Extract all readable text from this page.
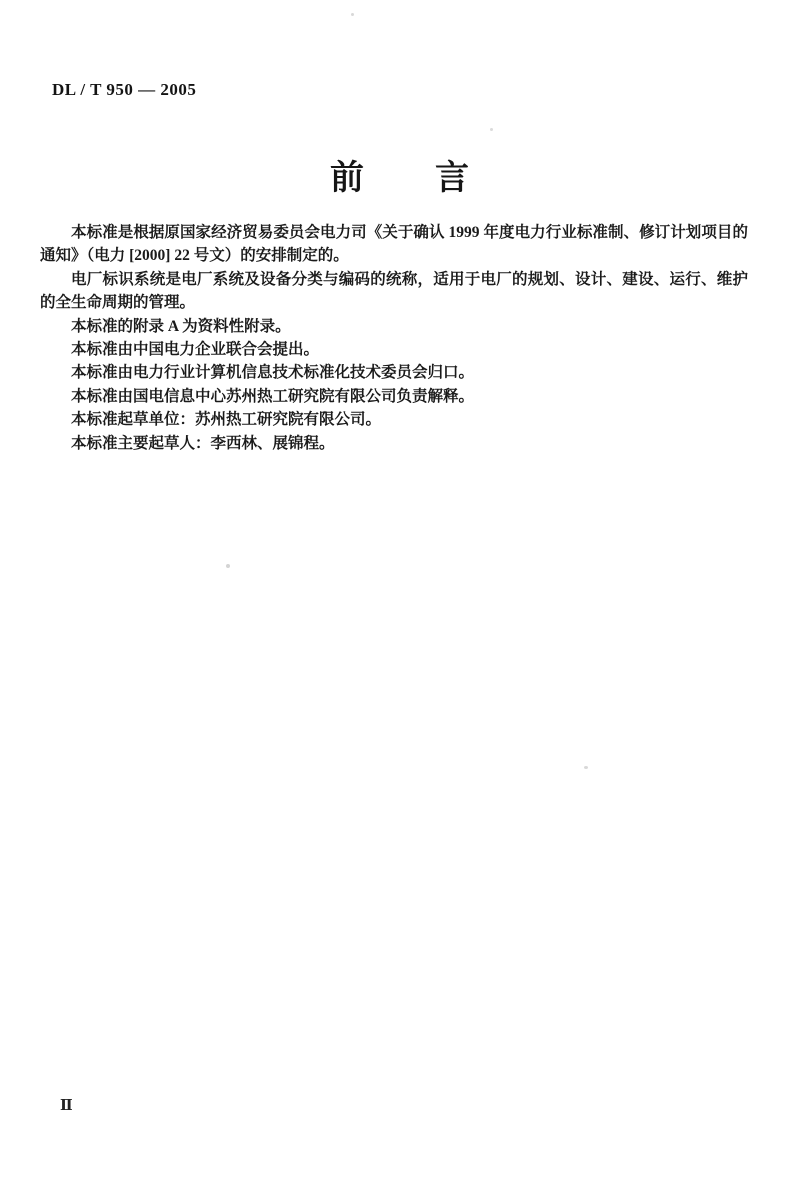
DL / T 950 — 2005
前　　言

本标准是根据原国家经济贸易委员会电力司《关于确认 1999 年度电力行业标准制、修订计划项目的通知》（电力 [2000] 22 号文）的安排制定的。

电厂标识系统是电厂系统及设备分类与编码的统称，适用于电厂的规划、设计、建设、运行、维护的全生命周期的管理。

本标准的附录 A 为资料性附录。

本标准由中国电力企业联合会提出。

本标准由电力行业计算机信息技术标准化技术委员会归口。

本标准由国电信息中心苏州热工研究院有限公司负责解释。

本标准起草单位：苏州热工研究院有限公司。

本标准主要起草人：李西林、展锦程。

Ⅱ
